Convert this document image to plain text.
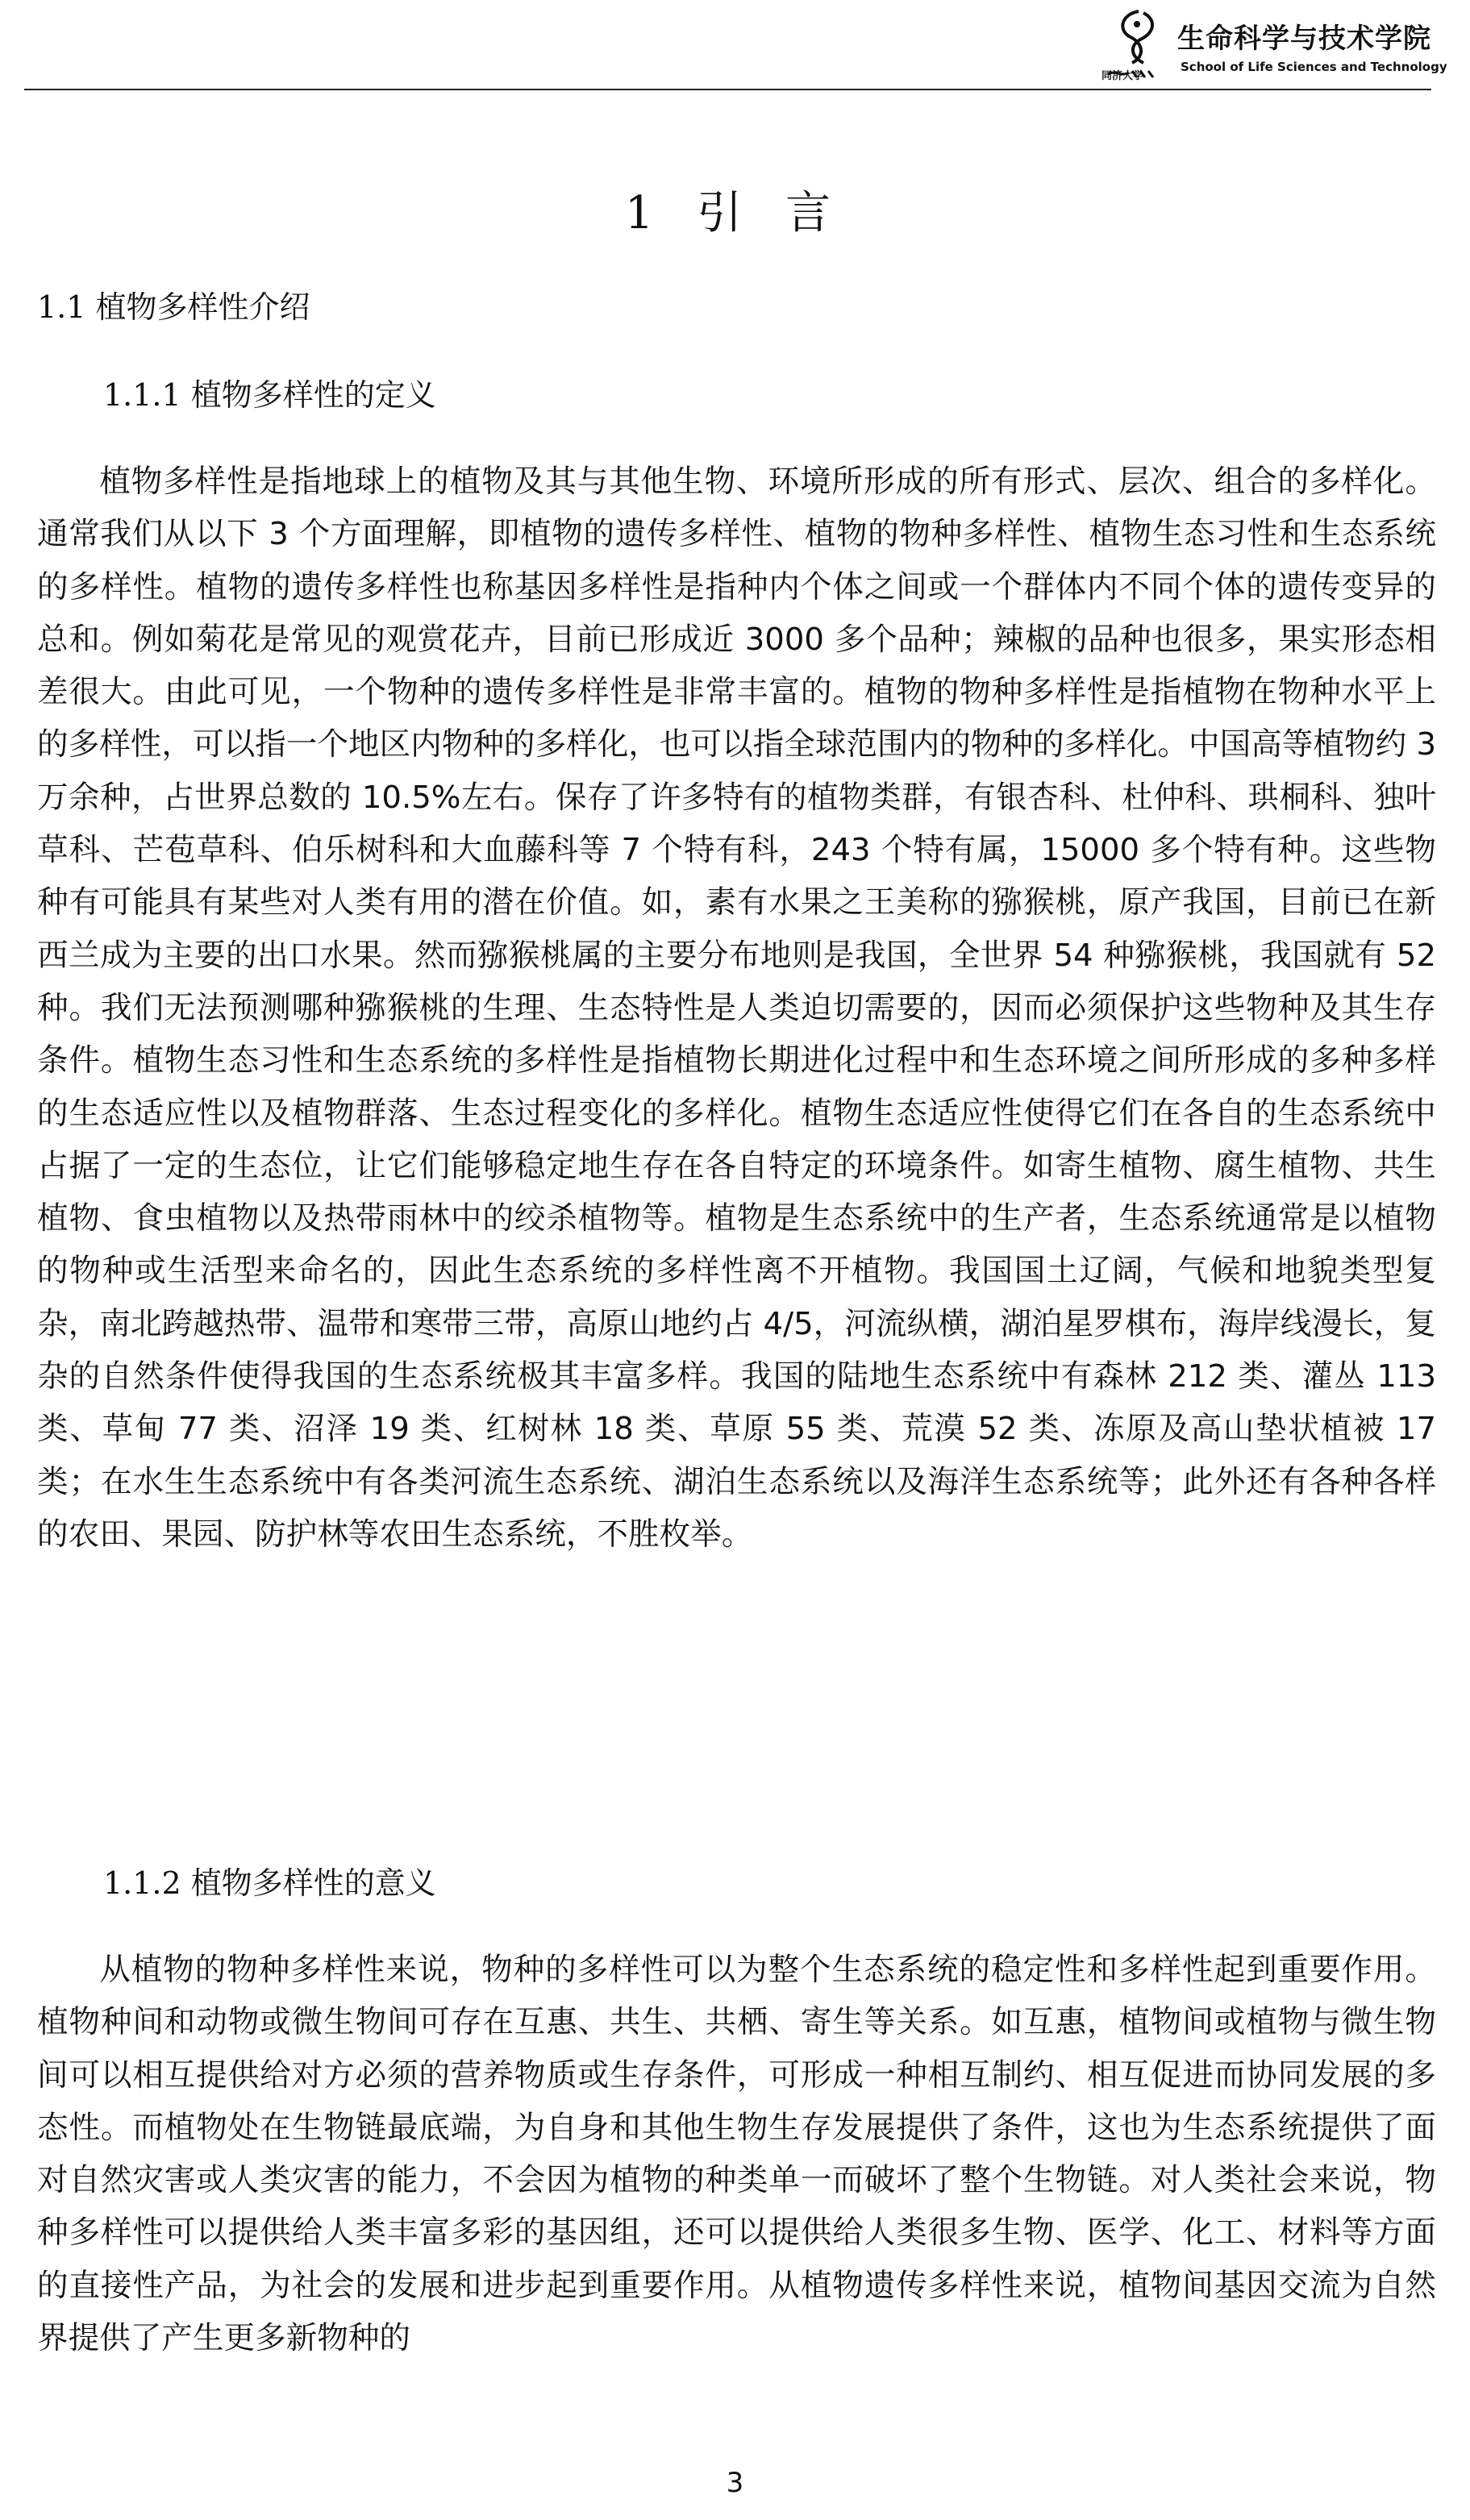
同济大学
生命科学与技术学院
School of Life Sciences and Technology
1 引 言
1.1 植物多样性介绍
1.1.1 植物多样性的定义

植物多样性是指地球上的植物及其与其他生物、环境所形成的所有形式、层次、组合的多样化。通常我们从以下 3 个方面理解，即植物的遗传多样性、植物的物种多样性、植物生态习性和生态系统的多样性。植物的遗传多样性也称基因多样性是指种内个体之间或一个群体内不同个体的遗传变异的总和。例如菊花是常见的观赏花卉，目前已形成近 3000 多个品种；辣椒的品种也很多，果实形态相差很大。由此可见，一个物种的遗传多样性是非常丰富的。植物的物种多样性是指植物在物种水平上的多样性，可以指一个地区内物种的多样化，也可以指全球范围内的物种的多样化。中国高等植物约 3 万余种，占世界总数的 10.5%左右。保存了许多特有的植物类群，有银杏科、杜仲科、珙桐科、独叶草科、芒苞草科、伯乐树科和大血藤科等 7 个特有科，243 个特有属，15000 多个特有种。这些物种有可能具有某些对人类有用的潜在价值。如，素有水果之王美称的猕猴桃，原产我国，目前已在新西兰成为主要的出口水果。然而猕猴桃属的主要分布地则是我国，全世界 54 种猕猴桃，我国就有 52 种。我们无法预测哪种猕猴桃的生理、生态特性是人类迫切需要的，因而必须保护这些物种及其生存条件。植物生态习性和生态系统的多样性是指植物长期进化过程中和生态环境之间所形成的多种多样的生态适应性以及植物群落、生态过程变化的多样化。植物生态适应性使得它们在各自的生态系统中占据了一定的生态位，让它们能够稳定地生存在各自特定的环境条件。如寄生植物、腐生植物、共生植物、食虫植物以及热带雨林中的绞杀植物等。植物是生态系统中的生产者，生态系统通常是以植物的物种或生活型来命名的，因此生态系统的多样性离不开植物。我国国土辽阔，气候和地貌类型复杂，南北跨越热带、温带和寒带三带，高原山地约占 4/5，河流纵横，湖泊星罗棋布，海岸线漫长，复杂的自然条件使得我国的生态系统极其丰富多样。我国的陆地生态系统中有森林 212 类、灌丛 113 类、草甸 77 类、沼泽 19 类、红树林 18 类、草原 55 类、荒漠 52 类、冻原及高山垫状植被 17 类；在水生生态系统中有各类河流生态系统、湖泊生态系统以及海洋生态系统等；此外还有各种各样的农田、果园、防护林等农田生态系统，不胜枚举。

1.1.2 植物多样性的意义

从植物的物种多样性来说，物种的多样性可以为整个生态系统的稳定性和多样性起到重要作用。植物种间和动物或微生物间可存在互惠、共生、共栖、寄生等关系。如互惠，植物间或植物与微生物间可以相互提供给对方必须的营养物质或生存条件，可形成一种相互制约、相互促进而协同发展的多态性。而植物处在生物链最底端，为自身和其他生物生存发展提供了条件，这也为生态系统提供了面对自然灾害或人类灾害的能力，不会因为植物的种类单一而破坏了整个生物链。对人类社会来说，物种多样性可以提供给人类丰富多彩的基因组，还可以提供给人类很多生物、医学、化工、材料等方面的直接性产品，为社会的发展和进步起到重要作用。从植物遗传多样性来说，植物间基因交流为自然界提供了产生更多新物种的

3
